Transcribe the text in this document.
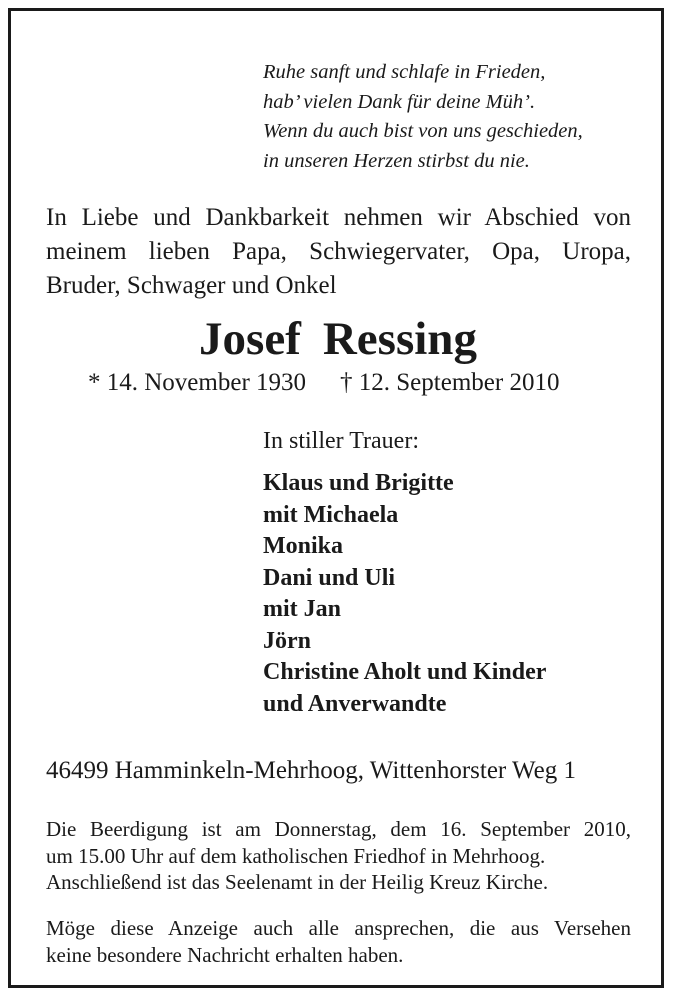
Ruhe sanft und schlafe in Frieden,
hab’ vielen Dank für deine Müh’.
Wenn du auch bist von uns geschieden,
in unseren Herzen stirbst du nie.
In Liebe und Dankbarkeit nehmen wir Abschied von
meinem lieben Papa, Schwiegervater, Opa, Uropa,
Bruder, Schwager und Onkel
Josef Ressing
* 14. November 1930 † 12. September 2010
In stiller Trauer:
Klaus und Brigitte
mit Michaela
Monika
Dani und Uli
mit Jan
Jörn
Christine Aholt und Kinder
und Anverwandte
46499 Hamminkeln-Mehrhoog, Wittenhorster Weg 1
Die Beerdigung ist am Donnerstag, dem 16. September 2010,
um 15.00 Uhr auf dem katholischen Friedhof in Mehrhoog.
Anschließend ist das Seelenamt in der Heilig Kreuz Kirche.
Möge diese Anzeige auch alle ansprechen, die aus Versehen
keine besondere Nachricht erhalten haben.
